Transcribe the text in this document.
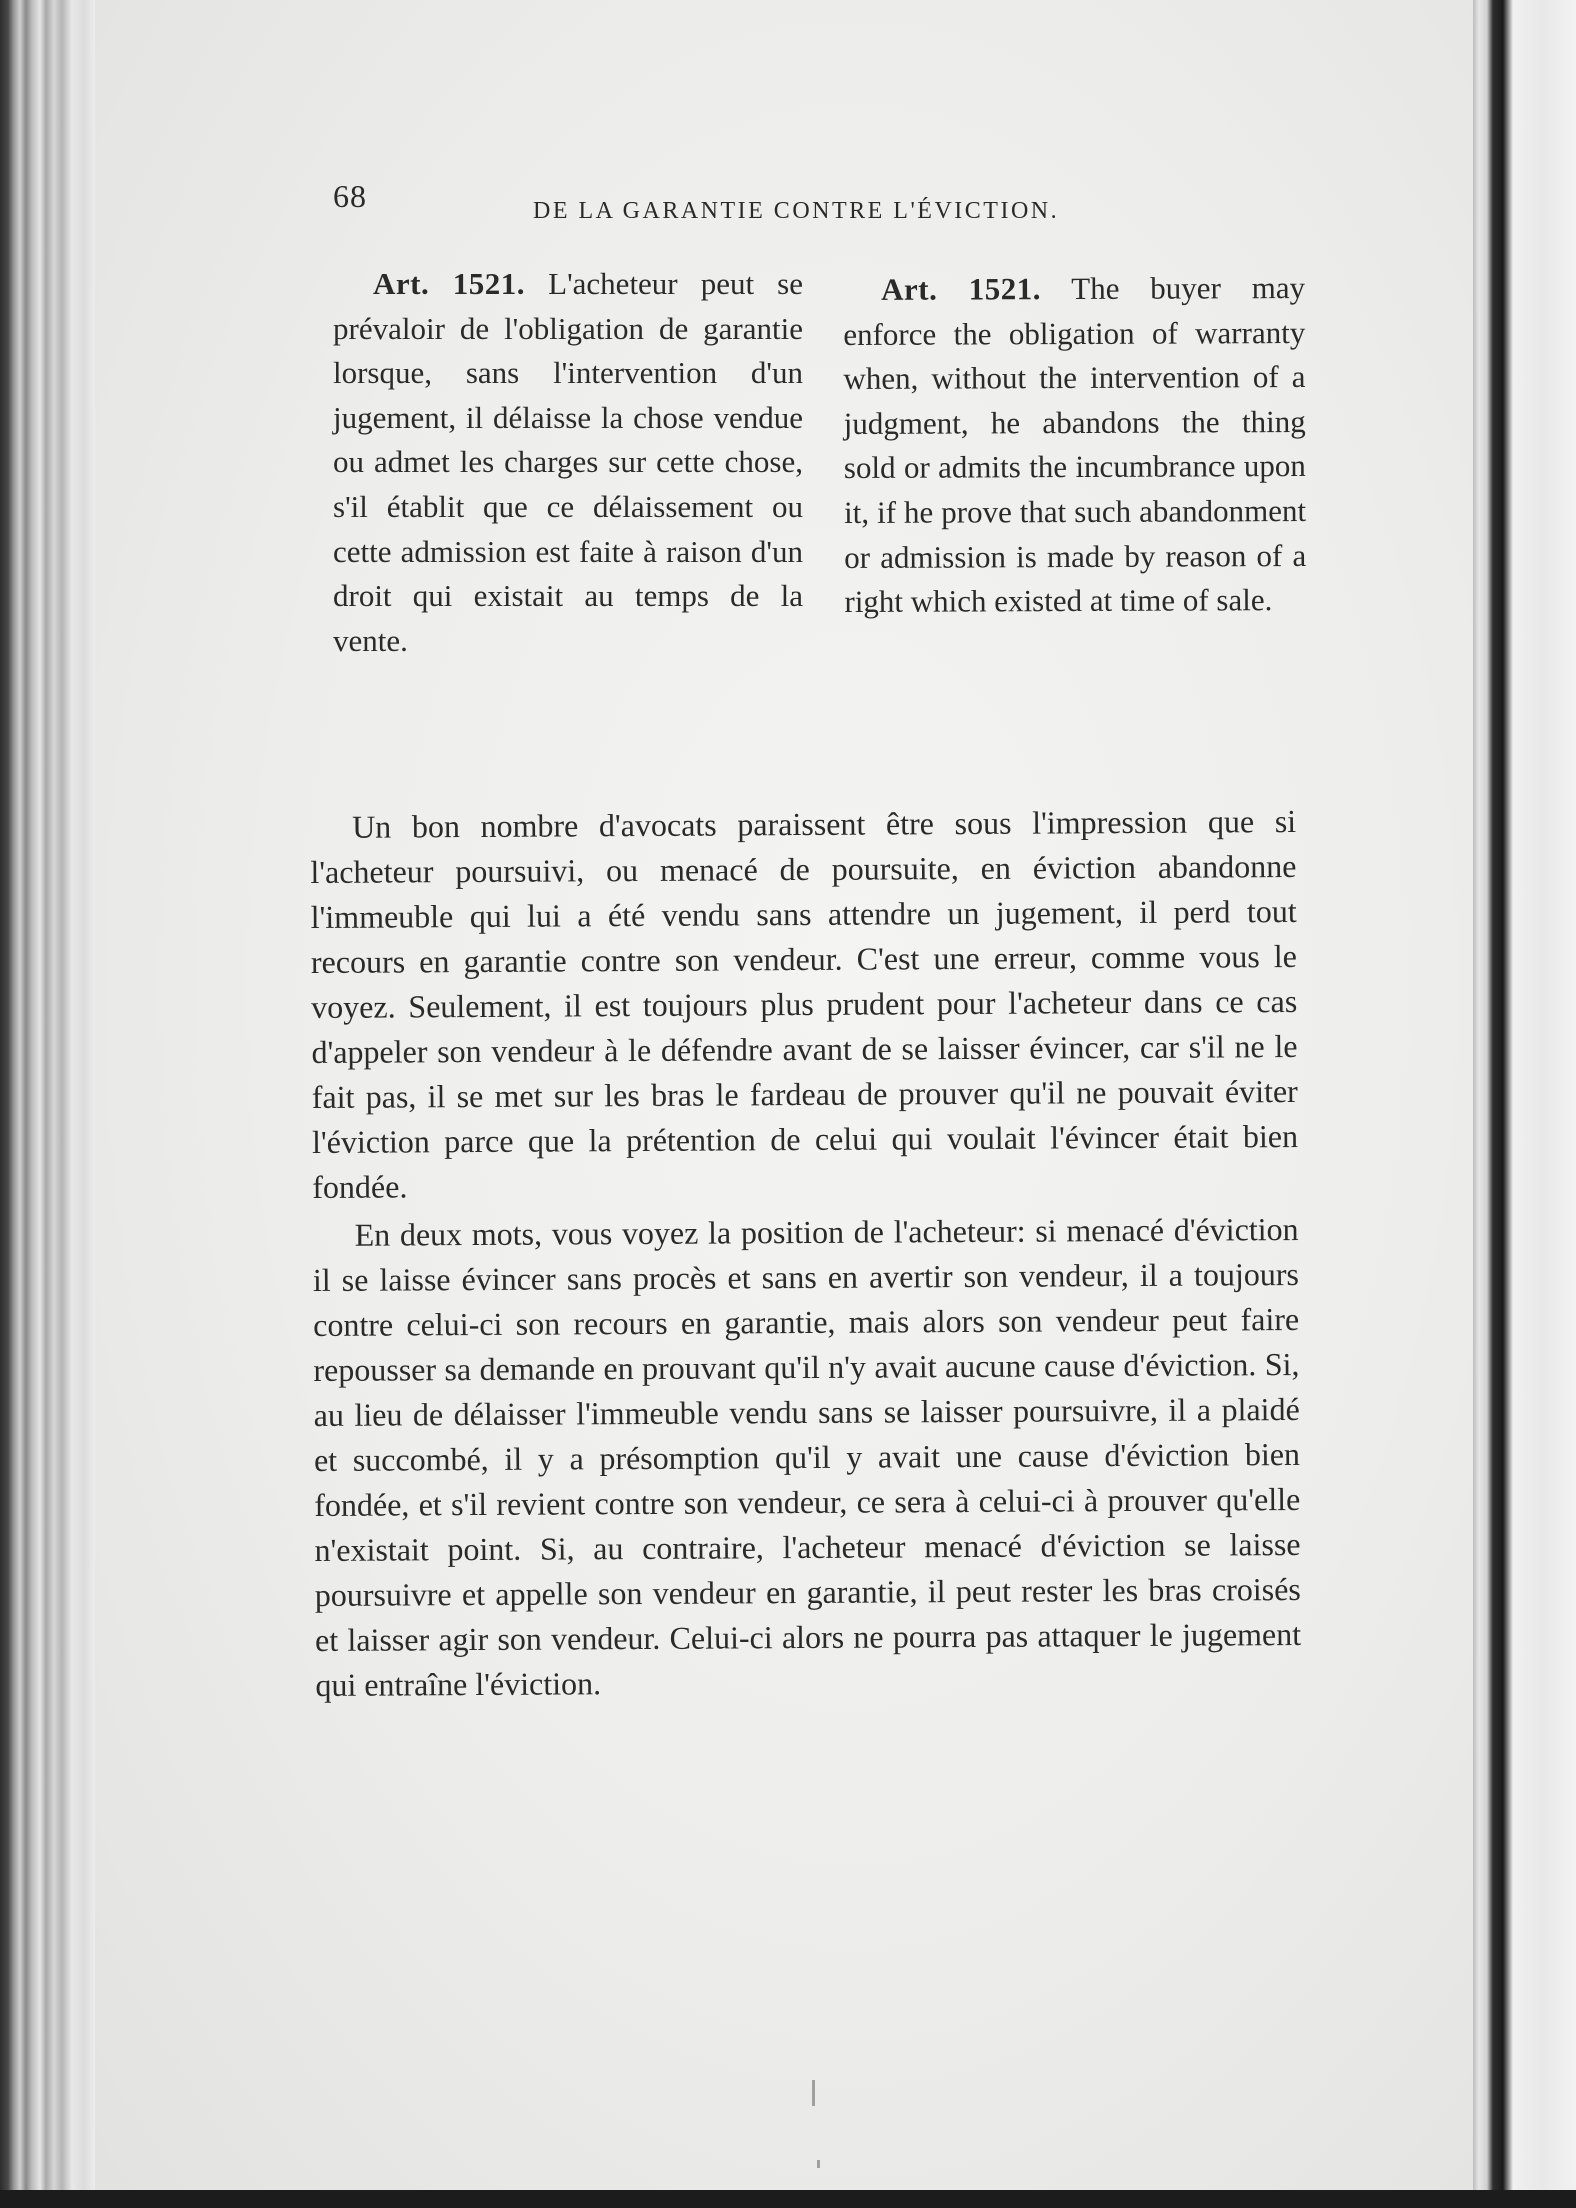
68	DE LA GARANTIE CONTRE L'ÉVICTION.
Art. 1521. L'acheteur peut se prévaloir de l'obligation de garantie lorsque, sans l'intervention d'un jugement, il délaisse la chose vendue ou admet les charges sur cette chose, s'il établit que ce délaissement ou cette admission est faite à raison d'un droit qui existait au temps de la vente.
Art. 1521. The buyer may enforce the obligation of warranty when, without the intervention of a judgment, he abandons the thing sold or admits the incumbrance upon it, if he prove that such abandonment or admission is made by reason of a right which existed at time of sale.

Un bon nombre d'avocats paraissent être sous l'impression que si l'acheteur poursuivi, ou menacé de poursuite, en éviction abandonne l'immeuble qui lui a été vendu sans attendre un jugement, il perd tout recours en garantie contre son vendeur. C'est une erreur, comme vous le voyez. Seulement, il est toujours plus prudent pour l'acheteur dans ce cas d'appeler son vendeur à le défendre avant de se laisser évincer, car s'il ne le fait pas, il se met sur les bras le fardeau de prouver qu'il ne pouvait éviter l'éviction parce que la prétention de celui qui voulait l'évincer était bien fondée.

En deux mots, vous voyez la position de l'acheteur: si menacé d'éviction il se laisse évincer sans procès et sans en avertir son vendeur, il a toujours contre celui-ci son recours en garantie, mais alors son vendeur peut faire repousser sa demande en prouvant qu'il n'y avait aucune cause d'éviction. Si, au lieu de délaisser l'immeuble vendu sans se laisser poursuivre, il a plaidé et succombé, il y a présomption qu'il y avait une cause d'éviction bien fondée, et s'il revient contre son vendeur, ce sera à celui-ci à prouver qu'elle n'existait point. Si, au contraire, l'acheteur menacé d'éviction se laisse poursuivre et appelle son vendeur en garantie, il peut rester les bras croisés et laisser agir son vendeur. Celui-ci alors ne pourra pas attaquer le jugement qui entraîne l'éviction.
